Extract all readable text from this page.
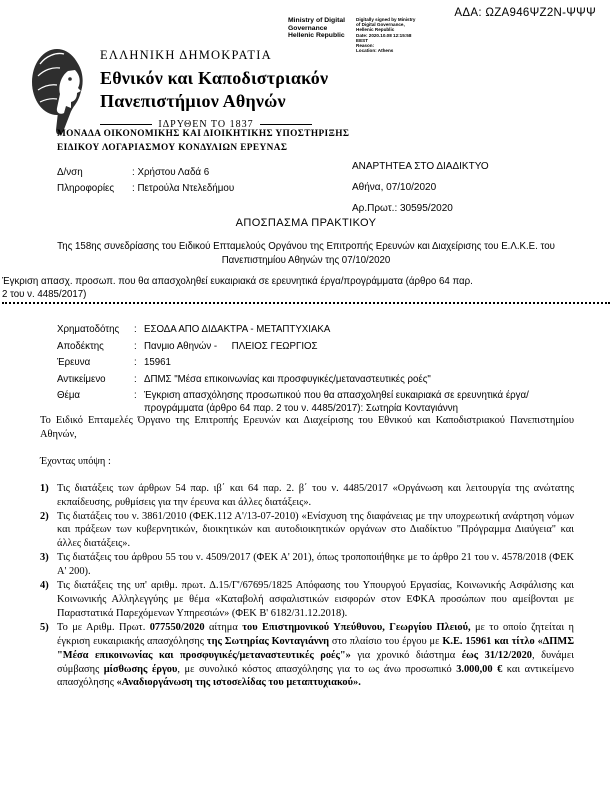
ΑΔΑ: ΩΖΑ946ΨΖ2Ν-ΨΨΨ
Ministry of Digital
Governance
Hellenic Republic
Digitally signed by Ministry
of Digital Governance,
Hellenic Republic
Date: 2020.10.08 12:15:58
EEST
Reason:
Location: Athens
ΕΛΛΗΝΙΚΗ ΔΗΜΟΚΡΑΤΙΑ
Εθνικόν και Καποδιστριακόν
Πανεπιστήμιον Αθηνών
ΙΔΡΥΘΕΝ ΤΟ 1837
ΜΟΝΑΔΑ ΟΙΚΟΝΟΜΙΚΗΣ ΚΑΙ ΔΙΟΙΚΗΤΙΚΗΣ ΥΠΟΣΤΗΡΙΞΗΣ
ΕΙΔΙΚΟΥ ΛΟΓΑΡΙΑΣΜΟΥ ΚΟΝΔΥΛΙΩΝ ΕΡΕΥΝΑΣ
ΑΝΑΡΤΗΤΕΑ ΣΤΟ ΔΙΑΔΙΚΤΥΟ
Αθήνα, 07/10/2020
Αρ.Πρωτ.: 30595/2020
Δ/νση	: Χρήστου Λαδά 6
Πληροφορίες	: Πετρούλα Ντελεδήμου
ΑΠΟΣΠΑΣΜΑ ΠΡΑΚΤΙΚΟΥ
Της 158ης συνεδρίασης του Ειδικού Επταμελούς Οργάνου της Επιτροπής Ερευνών και Διαχείρισης του Ε.Λ.Κ.Ε. του Πανεπιστημίου Αθηνών της 07/10/2020
Έγκριση απασχ. προσωπ. που θα απασχοληθεί ευκαιριακά σε ερευνητικά έργα/προγράμματα (άρθρο 64 παρ.
2 του ν. 4485/2017)
Χρηματοδότης	: ΕΣΟΔΑ ΑΠΟ ΔΙΔΑΚΤΡΑ - ΜΕΤΑΠΤΥΧΙΑΚΑ
Αποδέκτης	: Πανμιο Αθηνών -  ΠΛΕΙΟΣ ΓΕΩΡΓΙΟΣ
Έρευνα	: 15961
Αντικείμενο	: ΔΠΜΣ "Μέσα επικοινωνίας και προσφυγικές/μεταναστευτικές ροές"
Θέμα	: Έγκριση απασχόλησης προσωπικού που θα απασχοληθεί ευκαιριακά σε ερευνητικά έργα/προγράμματα (άρθρο 64 παρ. 2 του ν. 4485/2017): Σωτηρία Κονταγιάννη

Το Ειδικό Επταμελές Όργανο της Επιτροπής Ερευνών και Διαχείρισης του Εθνικού και Καποδιστριακού Πανεπιστημίου Αθηνών,

Έχοντας υπόψη :

1) Τις διατάξεις των άρθρων 54 παρ. ιβ΄ και 64 παρ. 2. β΄ του ν. 4485/2017 «Οργάνωση και λειτουργία της ανώτατης εκπαίδευσης, ρυθμίσεις για την έρευνα και άλλες διατάξεις».
2) Τις διατάξεις του ν. 3861/2010 (ΦΕΚ.112 Α'/13-07-2010) «Ενίσχυση της διαφάνειας με την υποχρεωτική ανάρτηση νόμων και πράξεων των κυβερνητικών, διοικητικών και αυτοδιοικητικών οργάνων στο Διαδίκτυο "Πρόγραμμα Διαύγεια" και άλλες διατάξεις».
3) Τις διατάξεις του άρθρου 55 του ν. 4509/2017 (ΦΕΚ Α' 201), όπως τροποποιήθηκε με το άρθρο 21 του ν. 4578/2018 (ΦΕΚ Α' 200).
4) Τις διατάξεις της υπ' αριθμ. πρωτ. Δ.15/Γ'/67695/1825 Απόφασης του Υπουργού Εργασίας, Κοινωνικής Ασφάλισης και Κοινωνικής Αλληλεγγύης με θέμα «Καταβολή ασφαλιστικών εισφορών στον ΕΦΚΑ προσώπων που αμείβονται με Παραστατικά Παρεχόμενων Υπηρεσιών» (ΦΕΚ Β' 6182/31.12.2018).
5) Το με Αριθμ. Πρωτ. 077550/2020 αίτημα του Επιστημονικού Υπεύθυνου, Γεωργίου Πλειού, με το οποίο ζητείται η έγκριση ευκαιριακής απασχόλησης της Σωτηρίας Κονταγιάννη στο πλαίσιο του έργου με Κ.Ε. 15961 και τίτλο «ΔΠΜΣ "Μέσα επικοινωνίας και προσφυγικές/μεταναστευτικές ροές"» για χρονικό διάστημα έως 31/12/2020, δυνάμει σύμβασης μίσθωσης έργου, με συνολικό κόστος απασχόλησης για το ως άνω προσωπικό 3.000,00 € και αντικείμενο απασχόλησης «Αναδιοργάνωση της ιστοσελίδας του μεταπτυχιακού».
